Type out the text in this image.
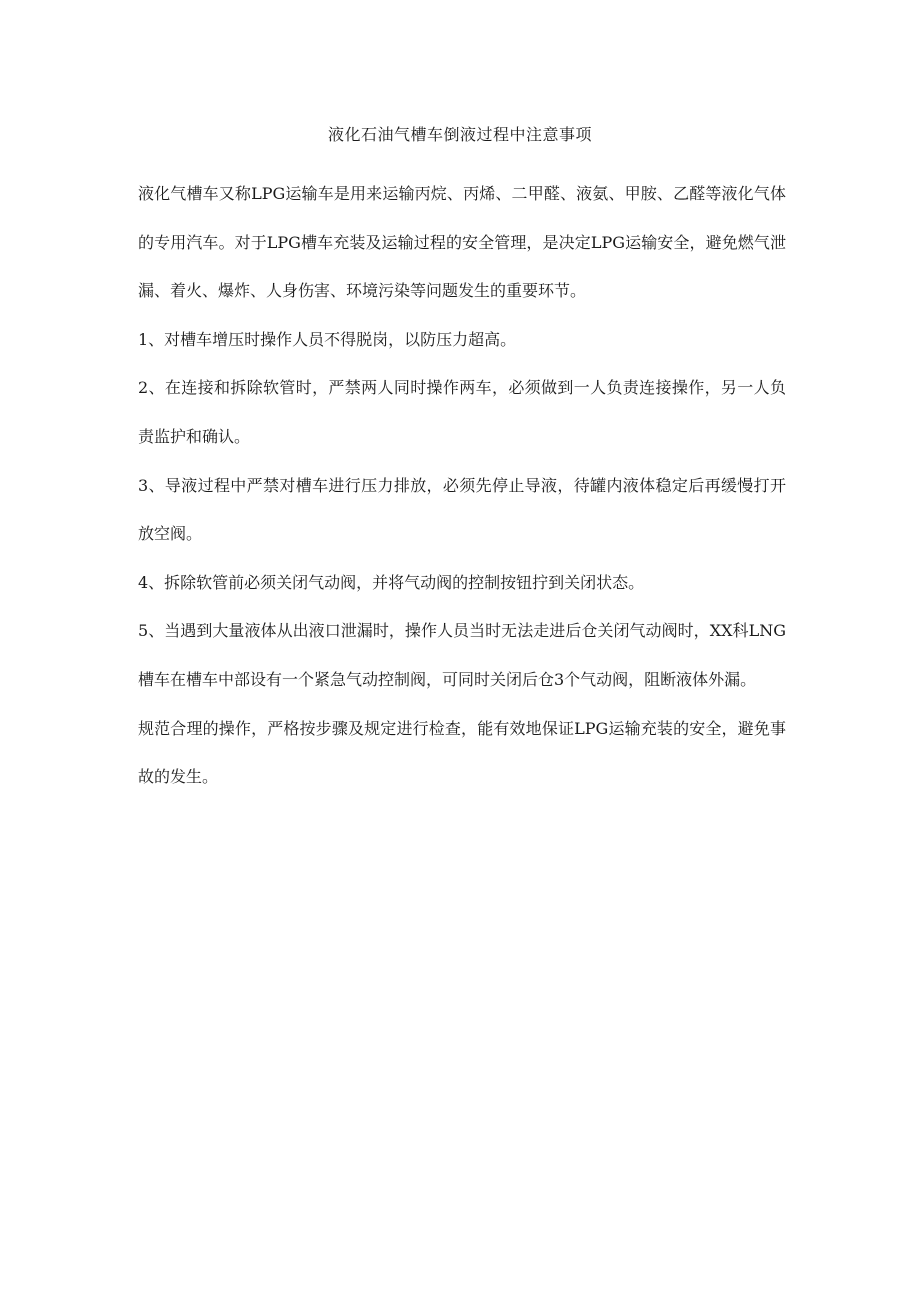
液化石油气槽车倒液过程中注意事项

液化气槽车又称LPG运输车是用来运输丙烷、丙烯、二甲醛、液氨、甲胺、乙醛等液化气体的专用汽车。对于LPG槽车充装及运输过程的安全管理，是决定LPG运输安全，避免燃气泄漏、着火、爆炸、人身伤害、环境污染等问题发生的重要环节。

1、对槽车增压时操作人员不得脱岗，以防压力超高。

2、在连接和拆除软管时，严禁两人同时操作两车，必须做到一人负责连接操作，另一人负责监护和确认。

3、导液过程中严禁对槽车进行压力排放，必须先停止导液，待罐内液体稳定后再缓慢打开放空阀。

4、拆除软管前必须关闭气动阀，并将气动阀的控制按钮拧到关闭状态。

5、当遇到大量液体从出液口泄漏时，操作人员当时无法走进后仓关闭气动阀时，XX科LNG槽车在槽车中部设有一个紧急气动控制阀，可同时关闭后仓3个气动阀，阻断液体外漏。

规范合理的操作，严格按步骤及规定进行检查，能有效地保证LPG运输充装的安全，避免事故的发生。
